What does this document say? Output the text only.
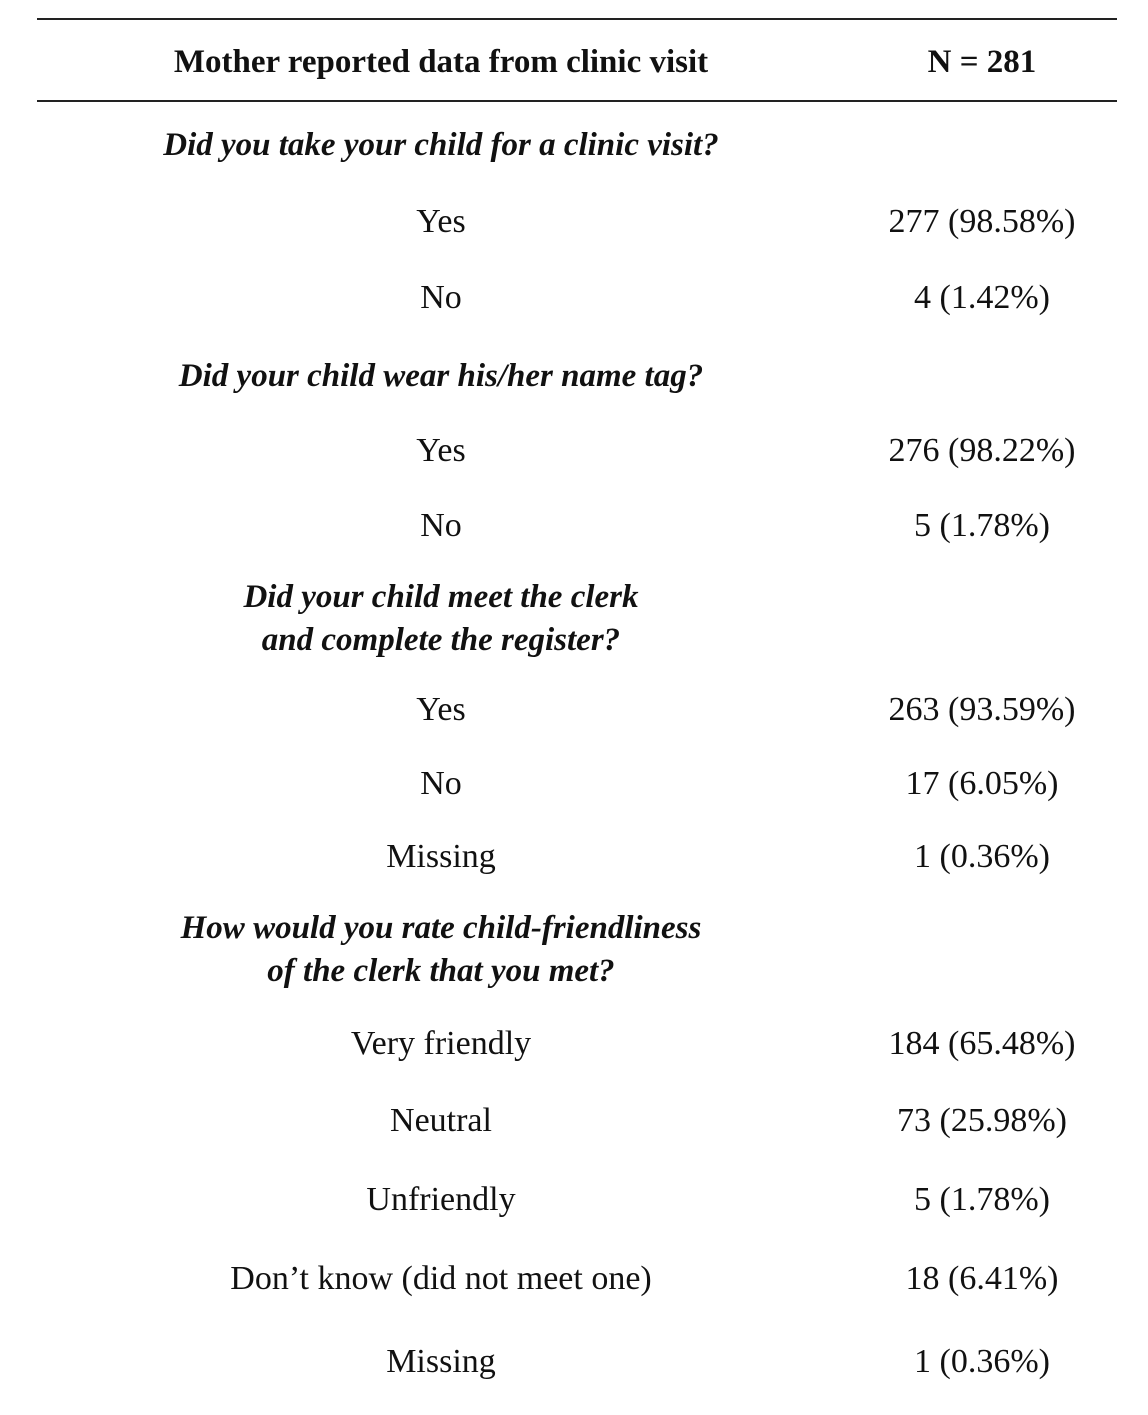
Mother reported data from clinic visit	N = 281
Did you take your child for a clinic visit?
Yes	277 (98.58%)
No	4 (1.42%)
Did your child wear his/her name tag?
Yes	276 (98.22%)
No	5 (1.78%)
Did your child meet the clerk
and complete the register?
Yes	263 (93.59%)
No	17 (6.05%)
Missing	1 (0.36%)
How would you rate child-friendliness
of the clerk that you met?
Very friendly	184 (65.48%)
Neutral	73 (25.98%)
Unfriendly	5 (1.78%)
Don’t know (did not meet one)	18 (6.41%)
Missing	1 (0.36%)
